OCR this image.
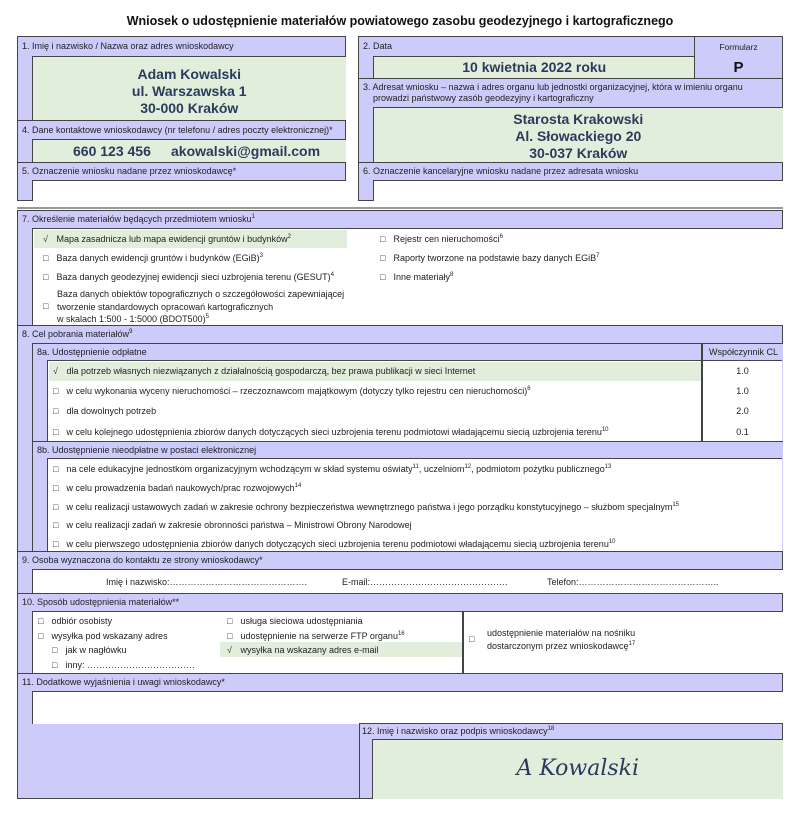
Wniosek o udostępnienie materiałów powiatowego zasobu geodezyjnego i kartograficznego
1. Imię i nazwisko / Nazwa oraz adres wnioskodawcy
Adam Kowalski
ul. Warszawska 1
30-000 Kraków
4. Dane kontaktowe wnioskodawcy (nr telefonu / adres poczty elektronicznej)*
660 123 456 akowalski@gmail.com
5. Oznaczenie wniosku nadane przez wnioskodawcę*
2. Data
10 kwietnia 2022 roku
Formularz
P
3. Adresat wniosku – nazwa i adres organu lub jednostki organizacyjnej, która w imieniu organu
prowadzi państwowy zasób geodezyjny i kartograficzny
Starosta Krakowski
Al. Słowackiego 20
30-037 Kraków
6. Oznaczenie kancelaryjne wniosku nadane przez adresata wniosku
7. Określenie materiałów będących przedmiotem wniosku$^1$
√ Mapa zasadnicza lub mapa ewidencji gruntów i budynków$^2$
□ Baza danych ewidencji gruntów i budynków (EGiB)$^3$
□ Baza danych geodezyjnej ewidencji sieci uzbrojenia terenu (GESUT)$^4$
□
Baza danych obiektów topograficznych o szczegółowości zapewniającej
tworzenie standardowych opracowań kartograficznych
w skalach 1:500 - 1:5000 (BDOT500)$^5$
□ Rejestr cen nieruchomości$^6$
□ Raporty tworzone na podstawie bazy danych EGiB$^7$
□ Inne materiały$^8$
8. Cel pobrania materiałów$^9$
8a. Udostępnienie odpłatne	Współczynnik CL
√ dla potrzeb własnych niezwiązanych z działalnością gospodarczą, bez prawa publikacji w sieci Internet	1.0
□ w celu wykonania wyceny nieruchomości – rzeczoznawcom majątkowym (dotyczy tylko rejestru cen nieruchomości)$^6$	1.0
□ dla dowolnych potrzeb	2.0
□ w celu kolejnego udostępnienia zbiorów danych dotyczących sieci uzbrojenia terenu podmiotowi władającemu siecią uzbrojenia terenu$^{10}$	0.1
8b. Udostępnienie nieodpłatne w postaci elektronicznej
□ na cele edukacyjne jednostkom organizacyjnym wchodzącym w skład systemu oświaty$^{11}$, uczelniom$^{12}$, podmiotom pożytku publicznego$^{13}$
□ w celu prowadzenia badań naukowych/prac rozwojowych$^{14}$
□ w celu realizacji ustawowych zadań w zakresie ochrony bezpieczeństwa wewnętrznego państwa i jego porządku konstytucyjnego – służbom specjalnym$^{15}$
□ w celu realizacji zadań w zakresie obronności państwa – Ministrowi Obrony Narodowej
□ w celu pierwszego udostępnienia zbiorów danych dotyczących sieci uzbrojenia terenu podmiotowi władającemu siecią uzbrojenia terenu$^{10}$
9. Osoba wyznaczona do kontaktu ze strony wnioskodawcy*
Imię i nazwisko:……………………………………….	E-mail:……………………………………….	Telefon:………………………………………..
10. Sposób udostępnienia materiałów**
□ odbiór osobisty
□ wysyłka pod wskazany adres
□ jak w nagłówku
□ inny: ………………………………
□ usługa sieciowa udostępniania
□ udostępnienie na serwerze FTP organu$^{16}$
√ wysyłka na wskazany adres e-mail
□
udostępnienie materiałów na nośniku
dostarczonym przez wnioskodawcę$^{17}$
11. Dodatkowe wyjaśnienia i uwagi wnioskodawcy*
12. Imię i nazwisko oraz podpis wnioskodawcy$^{18}$
A Kowalski
